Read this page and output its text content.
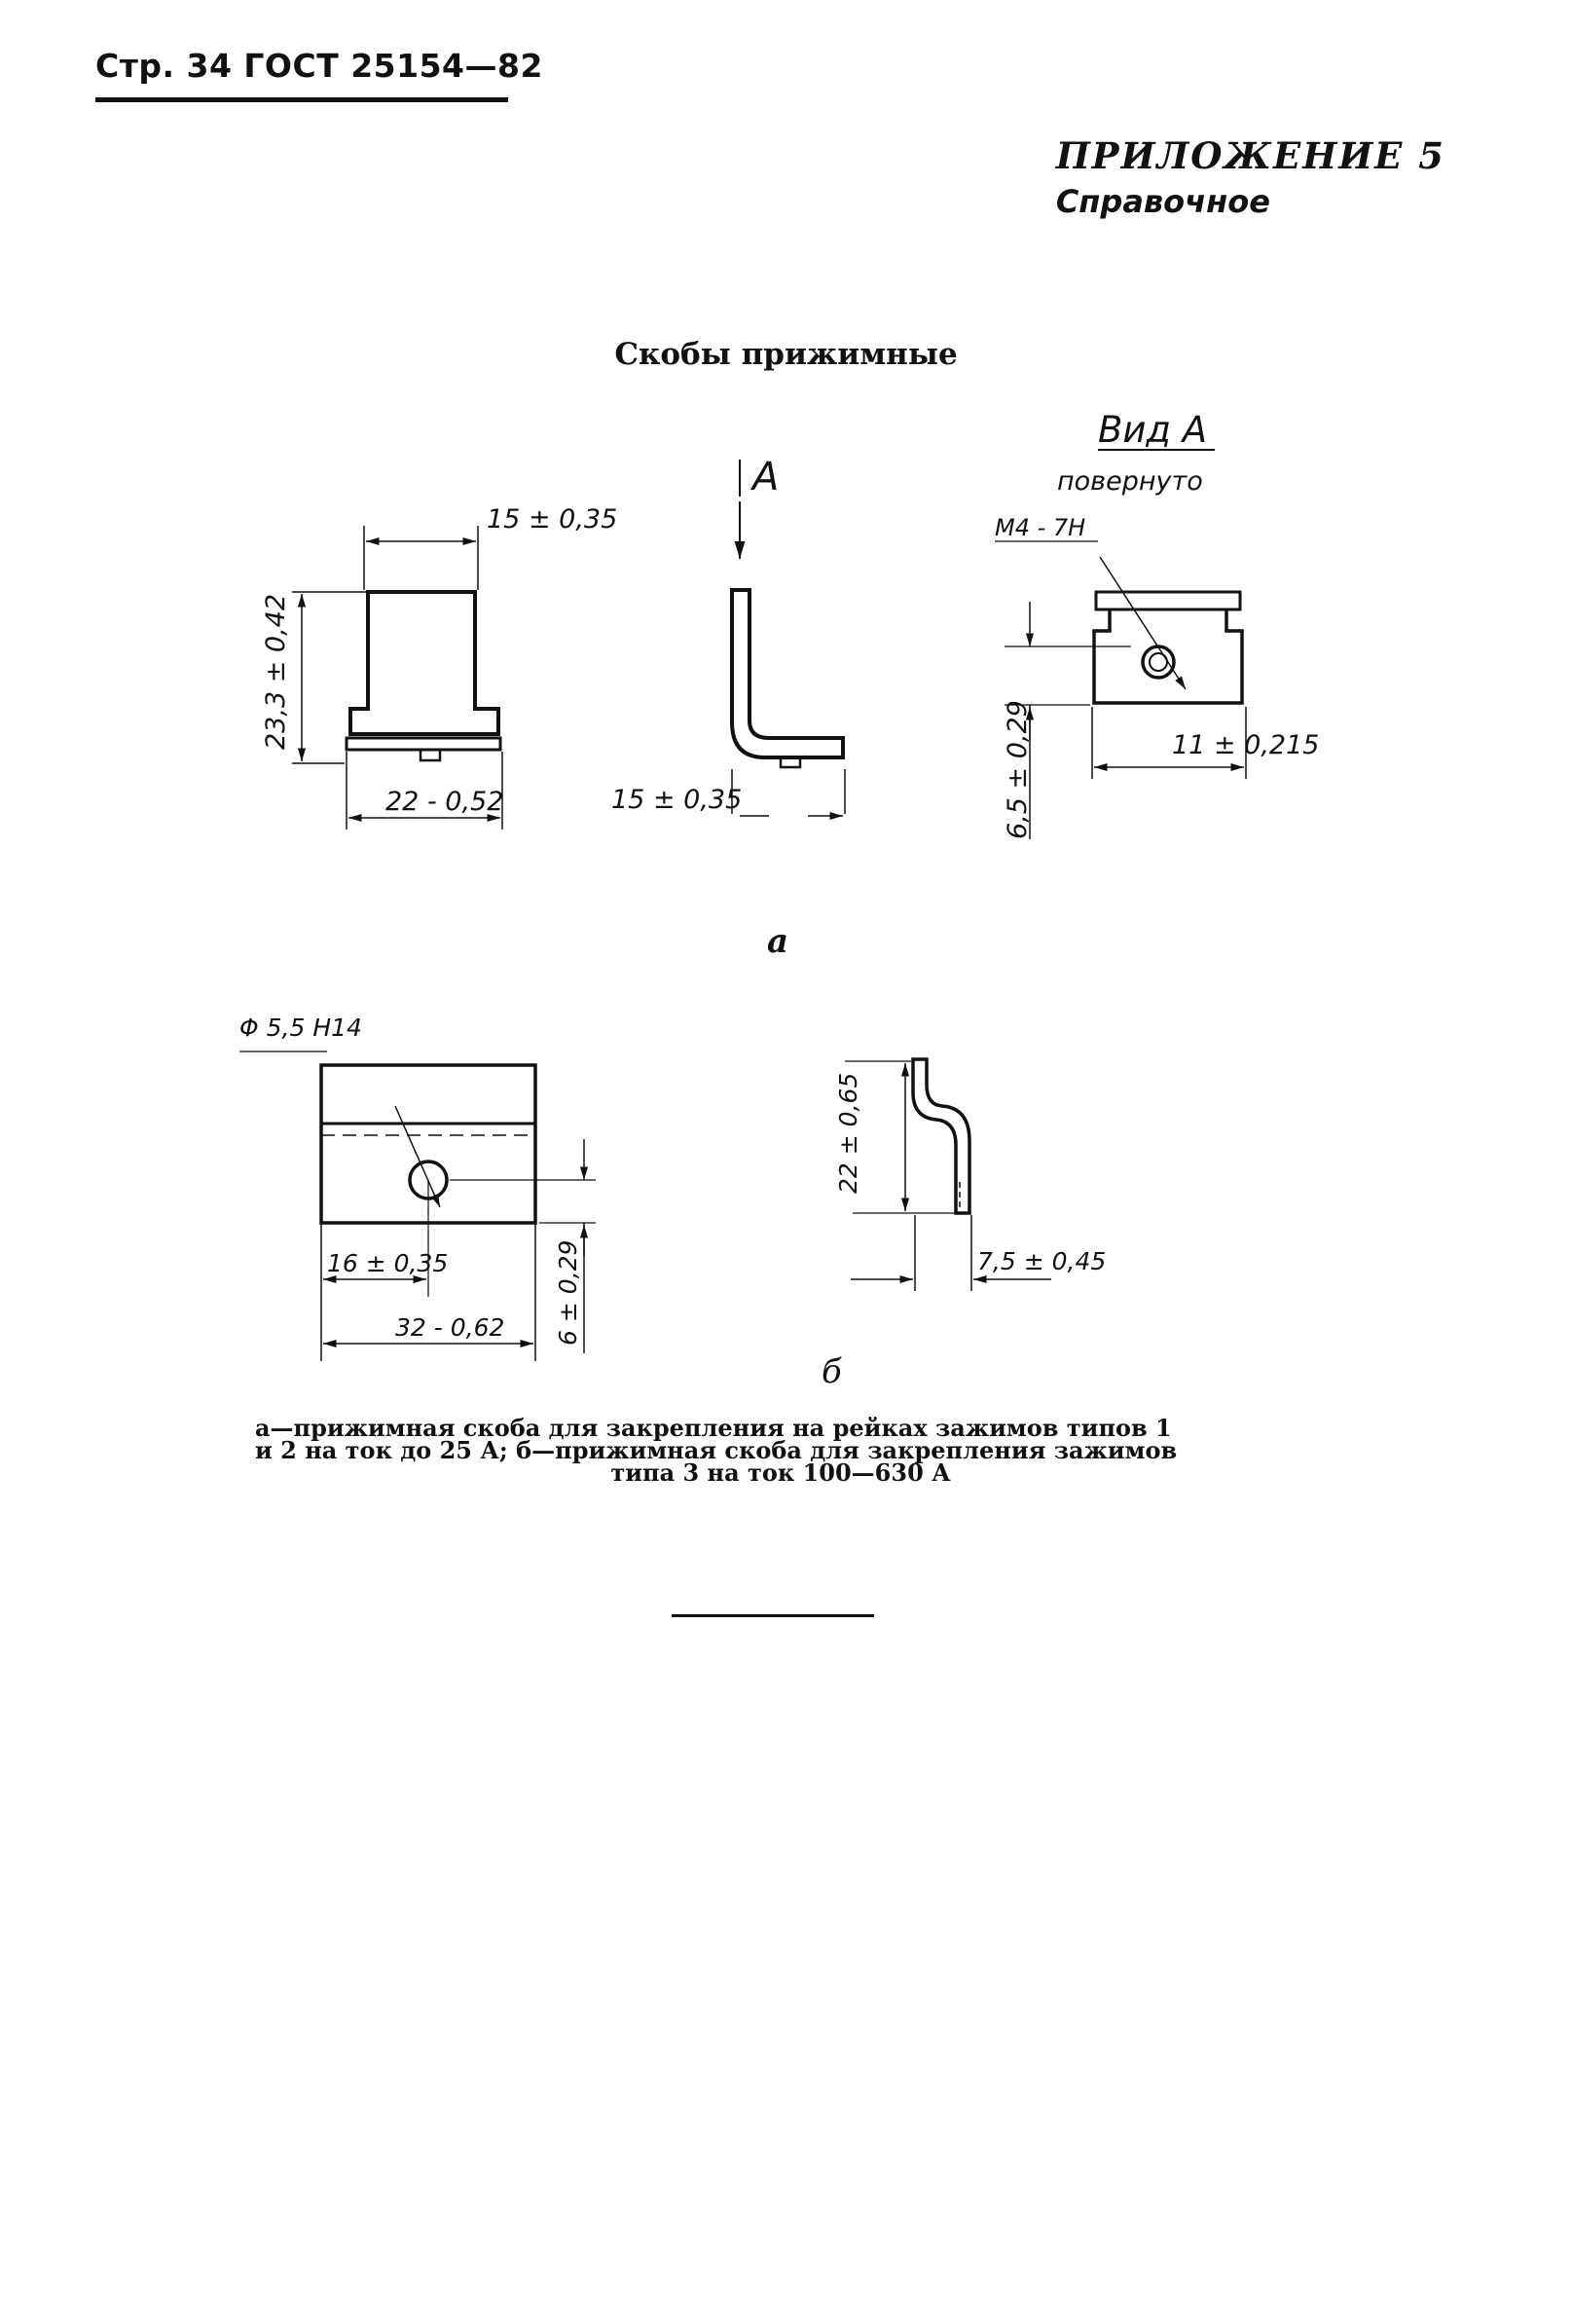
Стр. 34 ГОСТ 25154—82
ПРИЛОЖЕНИЕ 5
Справочное
Скобы прижимные
15 ± 0,35
23,3 ± 0,42
22 - 0,52
A
15 ± 0,35
Вид А
повернуто
М4 - 7Н
11 ± 0,215
6,5 ± 0,29
а
Φ 5,5 Н14
16 ± 0,35
32 - 0,62 6 ± 0,29
22 ± 0,65
7,5 ± 0,45
б

а—прижимная скоба для закрепления на рейках зажимов типов 1

и 2 на ток до 25 А; б—прижимная скоба для закрепления зажимов

типа 3 на ток 100—630 А
